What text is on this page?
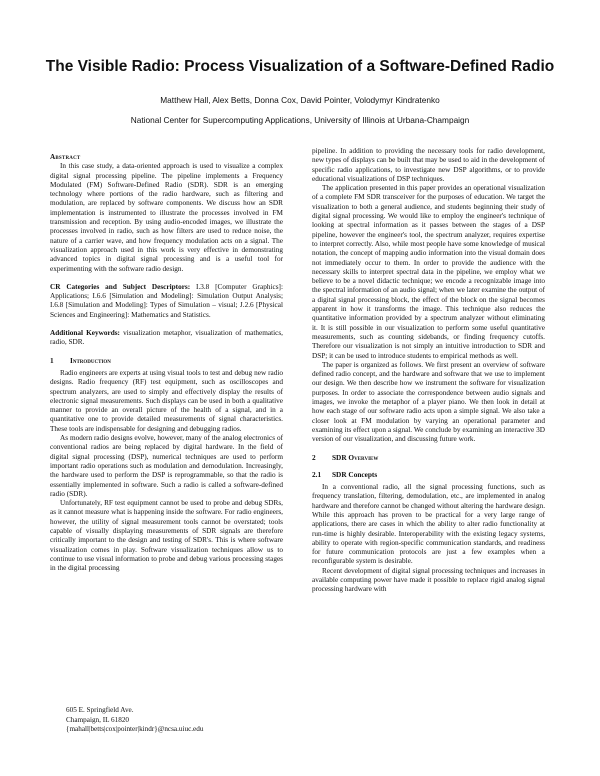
The Visible Radio: Process Visualization of a Software-Defined Radio
Matthew Hall, Alex Betts, Donna Cox, David Pointer, Volodymyr Kindratenko
National Center for Supercomputing Applications, University of Illinois at Urbana-Champaign
Abstract

In this case study, a data-oriented approach is used to visualize a complex digital signal processing pipeline. The pipeline implements a Frequency Modulated (FM) Software-Defined Radio (SDR). SDR is an emerging technology where portions of the radio hardware, such as filtering and modulation, are replaced by software components. We discuss how an SDR implementation is instrumented to illustrate the processes involved in FM transmission and reception. By using audio-encoded images, we illustrate the processes involved in radio, such as how filters are used to reduce noise, the nature of a carrier wave, and how frequency modulation acts on a signal. The visualization approach used in this work is very effective in demonstrating advanced topics in digital signal processing and is a useful tool for experimenting with the software radio design.

CR Categories and Subject Descriptors: I.3.8 [Computer Graphics]: Applications; I.6.6 [Simulation and Modeling]: Simulation Output Analysis; I.6.8 [Simulation and Modeling]: Types of Simulation – visual; J.2.6 [Physical Sciences and Engineering]: Mathematics and Statistics.

Additional Keywords: visualization metaphor, visualization of mathematics, radio, SDR.

1 Introduction

Radio engineers are experts at using visual tools to test and debug new radio designs. Radio frequency (RF) test equipment, such as oscilloscopes and spectrum analyzers, are used to simply and effectively display the results of electronic signal measurements. Such displays can be used in both a qualitative manner to provide an overall picture of the health of a signal, and in a quantitative one to provide detailed measurements of signal characteristics. These tools are indispensable for designing and debugging radios.

As modern radio designs evolve, however, many of the analog electronics of conventional radios are being replaced by digital hardware. In the field of digital signal processing (DSP), numerical techniques are used to perform important radio operations such as modulation and demodulation. Increasingly, the hardware used to perform the DSP is reprogrammable, so that the radio is essentially implemented in software. Such a radio is called a software-defined radio (SDR).

Unfortunately, RF test equipment cannot be used to probe and debug SDRs, as it cannot measure what is happening inside the software. For radio engineers, however, the utility of signal measurement tools cannot be overstated; tools capable of visually displaying measurements of SDR signals are therefore critically important to the design and testing of SDR's. This is where software visualization comes in play. Software visualization techniques allow us to continue to use visual information to probe and debug various processing stages in the digital processing

605 E. Springfield Ave.
Champaign, IL 61820
{mahall|betts|cox|pointer|kindr}@ncsa.uiuc.edu

pipeline. In addition to providing the necessary tools for radio development, new types of displays can be built that may be used to aid in the development of specific radio applications, to investigate new DSP algorithms, or to provide educational visualizations of DSP techniques.

The application presented in this paper provides an operational visualization of a complete FM SDR transceiver for the purposes of education. We target the visualization to both a general audience, and students beginning their study of digital signal processing. We would like to employ the engineer's technique of looking at spectral information as it passes between the stages of a DSP pipeline, however the engineer's tool, the spectrum analyzer, requires expertise to interpret correctly. Also, while most people have some knowledge of musical notation, the concept of mapping audio information into the visual domain does not immediately occur to them. In order to provide the audience with the necessary skills to interpret spectral data in the pipeline, we employ what we believe to be a novel didactic technique; we encode a recognizable image into the spectral information of an audio signal; when we later examine the output of a digital signal processing block, the effect of the block on the signal becomes apparent in how it transforms the image. This technique also reduces the quantitative information provided by a spectrum analyzer without eliminating it. It is still possible in our visualization to perform some useful quantitative measurements, such as counting sidebands, or finding frequency cutoffs. Therefore our visualization is not simply an intuitive introduction to SDR and DSP; it can be used to introduce students to empirical methods as well.

The paper is organized as follows. We first present an overview of software defined radio concept, and the hardware and software that we use to implement our design. We then describe how we instrument the software for visualization purposes. In order to associate the correspondence between audio signals and images, we invoke the metaphor of a player piano. We then look in detail at how each stage of our software radio acts upon a simple signal. We also take a closer look at FM modulation by varying an operational parameter and examining its effect upon a signal. We conclude by examining an interactive 3D version of our visualization, and discussing future work.

2 SDR Overview
2.1 SDR Concepts

In a conventional radio, all the signal processing functions, such as frequency translation, filtering, demodulation, etc., are implemented in analog hardware and therefore cannot be changed without altering the hardware design. While this approach has proven to be practical for a very large range of applications, there are cases in which the ability to alter radio functionality at run-time is highly desirable. Interoperability with the existing legacy systems, ability to operate with region-specific communication standards, and readiness for future communication protocols are just a few examples when a reconfigurable system is desirable.

Recent development of digital signal processing techniques and increases in available computing power have made it possible to replace rigid analog signal processing hardware with
